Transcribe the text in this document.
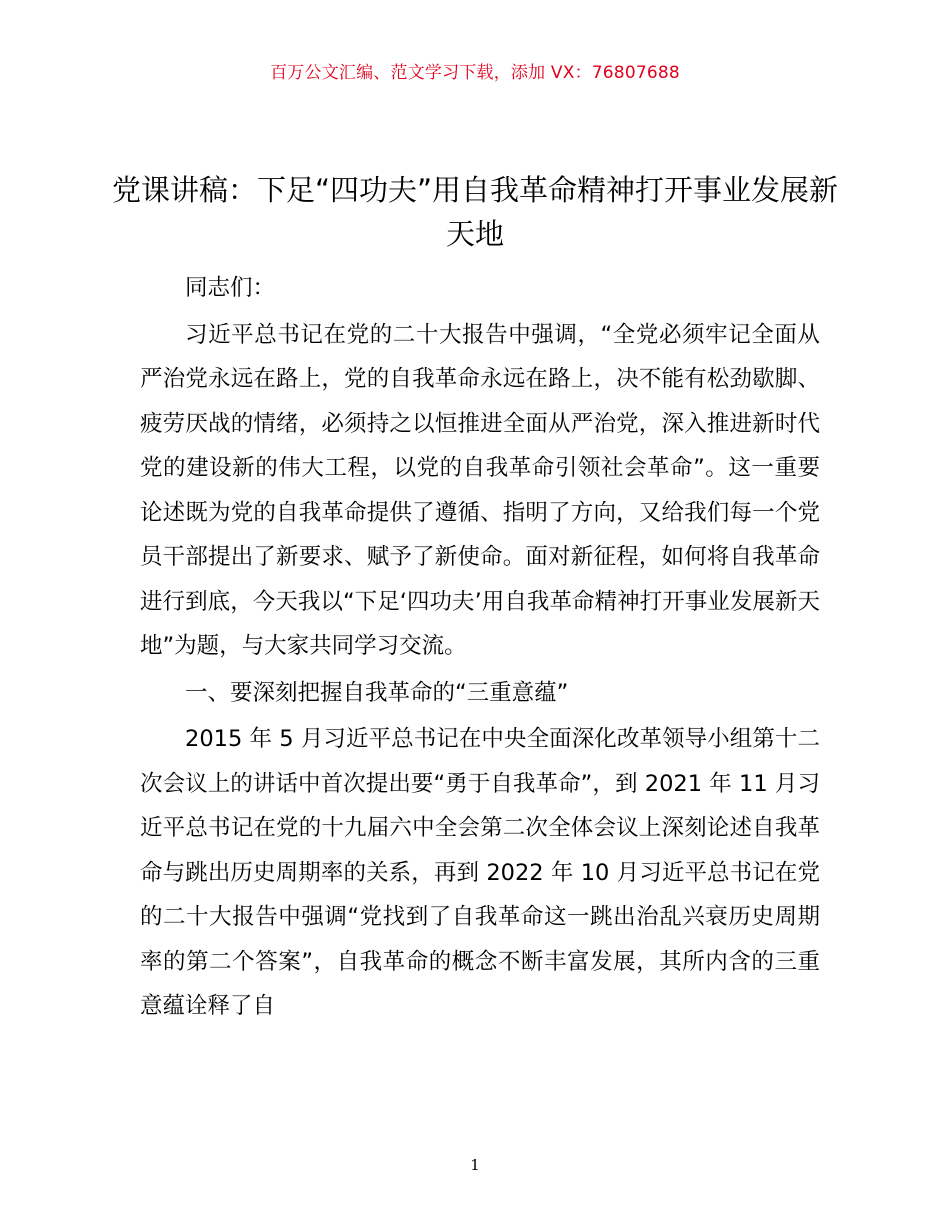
百万公文汇编、范文学习下载，添加 VX：76807688
党课讲稿：下足“四功夫”用自我革命精神打开事业发展新天地

同志们：

习近平总书记在党的二十大报告中强调，“全党必须牢记全面从严治党永远在路上，党的自我革命永远在路上，决不能有松劲歇脚、疲劳厌战的情绪，必须持之以恒推进全面从严治党，深入推进新时代党的建设新的伟大工程，以党的自我革命引领社会革命”。这一重要论述既为党的自我革命提供了遵循、指明了方向，又给我们每一个党员干部提出了新要求、赋予了新使命。面对新征程，如何将自我革命进行到底，今天我以“下足‘四功夫’用自我革命精神打开事业发展新天地”为题，与大家共同学习交流。

一、要深刻把握自我革命的“三重意蕴”

2015 年 5 月习近平总书记在中央全面深化改革领导小组第十二次会议上的讲话中首次提出要“勇于自我革命”，到 2021 年 11 月习近平总书记在党的十九届六中全会第二次全体会议上深刻论述自我革命与跳出历史周期率的关系，再到 2022 年 10 月习近平总书记在党的二十大报告中强调“党找到了自我革命这一跳出治乱兴衰历史周期率的第二个答案”，自我革命的概念不断丰富发展，其所内含的三重意蕴诠释了自

1
